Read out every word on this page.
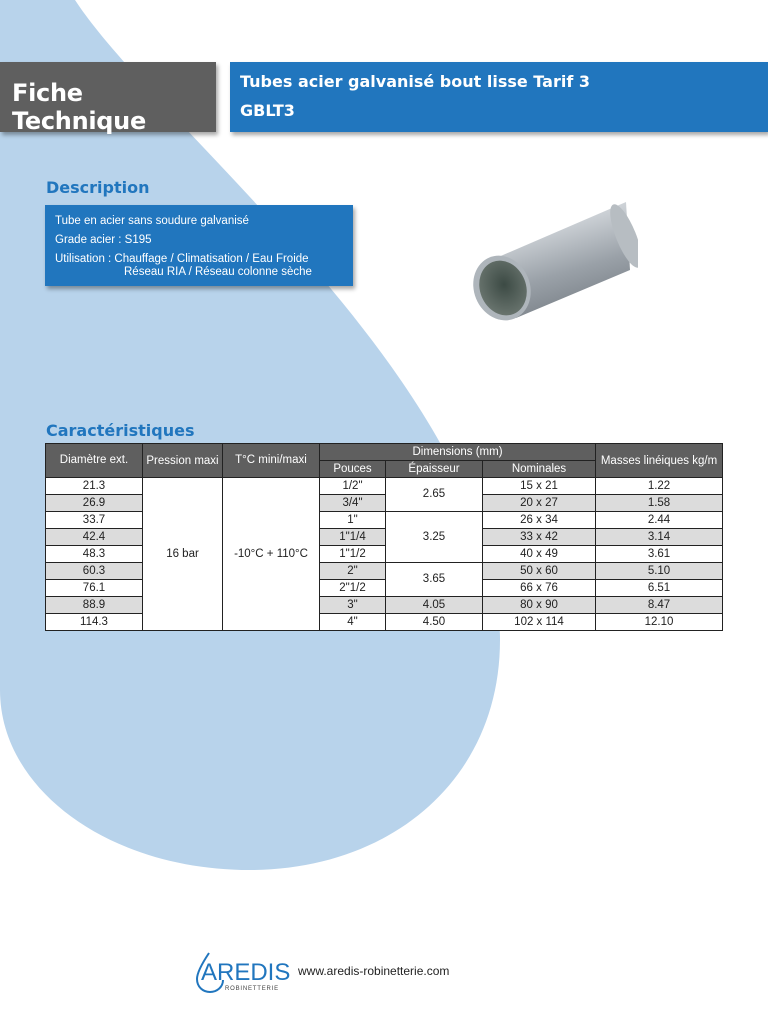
Fiche Technique
Tubes acier galvanisé bout lisse Tarif 3
GBLT3
Description
Tube en acier sans soudure galvanisé
Grade acier : S195
Utilisation : Chauffage / Climatisation / Eau Froide
Réseau RIA / Réseau colonne sèche
Caractéristiques
Diamètre ext.	Pression maxi	T°C mini/maxi	Dimensions (mm)			Masses linéiques kg/m
			Pouces	Épaisseur	Nominales	
21.3	16 bar	-10°C + 110°C	1/2"	2.65	15 x 21	1.22
26.9			3/4"		20 x 27	1.58
33.7			1"	3.25	26 x 34	2.44
42.4			1"1/4		33 x 42	3.14
48.3			1"1/2		40 x 49	3.61
60.3			2"	3.65	50 x 60	5.10
76.1			2"1/2		66 x 76	6.51
88.9			3"	4.05	80 x 90	8.47
114.3			4"	4.50	102 x 114	12.10
AREDIS
ROBINETTERIE
www.aredis-robinetterie.com
